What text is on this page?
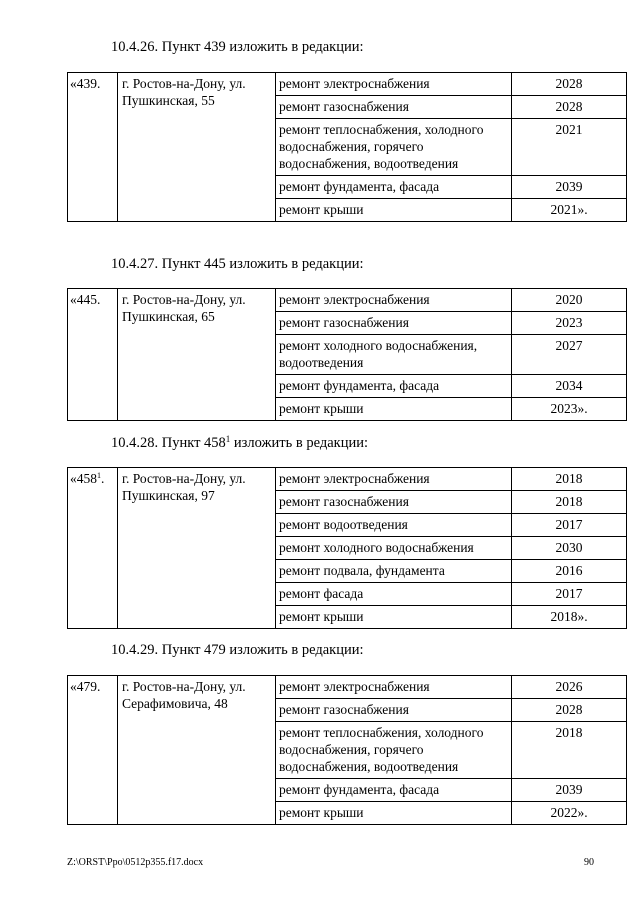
10.4.26. Пункт 439 изложить в редакции:
«439.	г. Ростов-на-Дону, ул. Пушкинская, 55	ремонт электроснабжения	2028
		ремонт газоснабжения	2028
		ремонт теплоснабжения, холодного водоснабжения, горячего водоснабжения, водоотведения	2021
		ремонт фундамента, фасада	2039
		ремонт крыши	2021».
10.4.27. Пункт 445 изложить в редакции:
«445.	г. Ростов-на-Дону, ул. Пушкинская, 65	ремонт электроснабжения	2020
		ремонт газоснабжения	2023
		ремонт холодного водоснабжения, водоотведения	2027
		ремонт фундамента, фасада	2034
		ремонт крыши	2023».
10.4.28. Пункт $458^1$ изложить в редакции:
«$458^1$.	г. Ростов-на-Дону, ул. Пушкинская, 97	ремонт электроснабжения	2018
		ремонт газоснабжения	2018
		ремонт водоотведения	2017
		ремонт холодного водоснабжения	2030
		ремонт подвала, фундамента	2016
		ремонт фасада	2017
		ремонт крыши	2018».
10.4.29. Пункт 479 изложить в редакции:
«479.	г. Ростов-на-Дону, ул. Серафимовича, 48	ремонт электроснабжения	2026
		ремонт газоснабжения	2028
		ремонт теплоснабжения, холодного водоснабжения, горячего водоснабжения, водоотведения	2018
		ремонт фундамента, фасада	2039
		ремонт крыши	2022».
Z:\ORST\Ppo\0512p355.f17.docx	90
